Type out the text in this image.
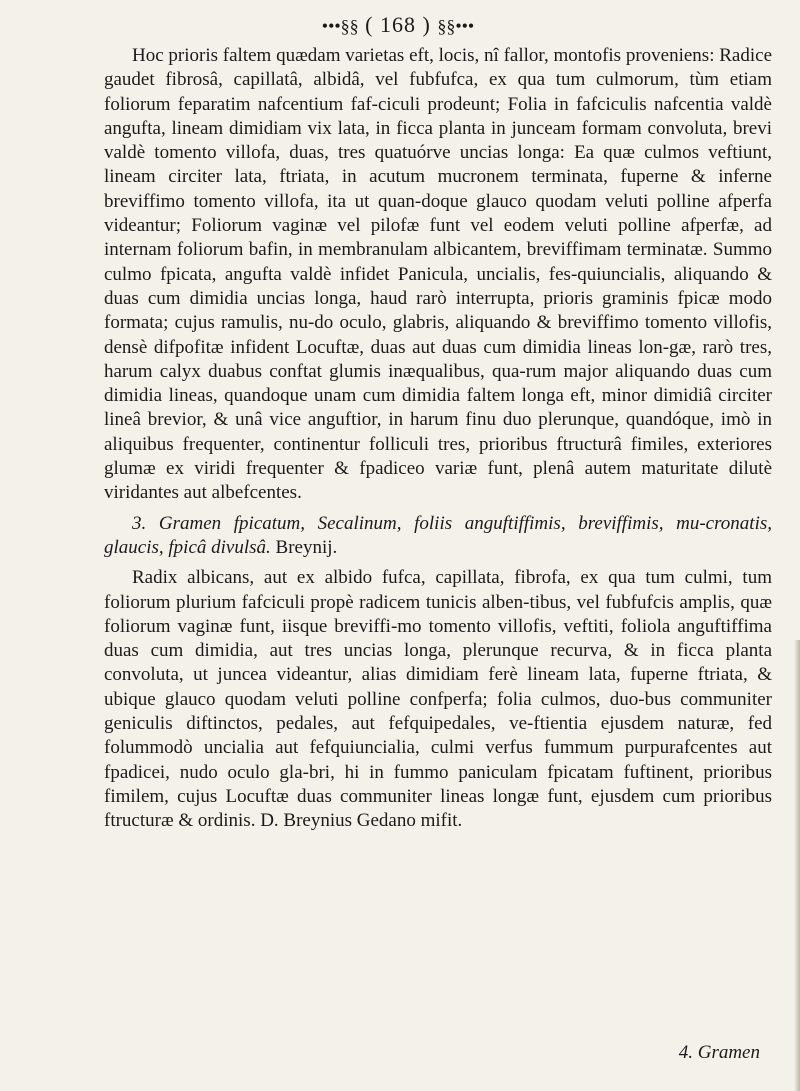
•••§§ ( 168 ) §§•••

Hoc prioris faltem quædam varietas eft, locis, nî fallor, montofis proveniens: Radice gaudet fibrosâ, capillatâ, albidâ, vel fubfufca, ex qua tum culmorum, tùm etiam foliorum feparatim nafcentium faf-ciculi prodeunt; Folia in fafciculis nafcentia valdè angufta, lineam dimidiam vix lata, in ficca planta in junceam formam convoluta, brevi valdè tomento villofa, duas, tres quatuórve uncias longa: Ea quæ culmos veftiunt, lineam circiter lata, ftriata, in acutum mucronem terminata, fuperne & inferne breviffimo tomento villofa, ita ut quan-doque glauco quodam veluti polline afperfa videantur; Foliorum vaginæ vel pilofæ funt vel eodem veluti polline afperfæ, ad internam foliorum bafin, in membranulam albicantem, breviffimam terminatæ. Summo culmo fpicata, angufta valdè infidet Panicula, uncialis, fes-quiuncialis, aliquando & duas cum dimidia uncias longa, haud rarò interrupta, prioris graminis fpicæ modo formata; cujus ramulis, nu-do oculo, glabris, aliquando & breviffimo tomento villofis, densè difpofitæ infident Locuftæ, duas aut duas cum dimidia lineas lon-gæ, rarò tres, harum calyx duabus conftat glumis inæqualibus, qua-rum major aliquando duas cum dimidia lineas, quandoque unam cum dimidia faltem longa eft, minor dimidiâ circiter lineâ brevior, & unâ vice anguftior, in harum finu duo plerunque, quandóque, imò in aliquibus frequenter, continentur folliculi tres, prioribus ftructurâ fimiles, exteriores glumæ ex viridi frequenter & fpadiceo variæ funt, plenâ autem maturitate dilutè viridantes aut albefcentes.

3. Gramen fpicatum, Secalinum, foliis anguftiffimis, breviffimis, mu-cronatis, glaucis, fpicâ divulsâ. Breynij.

Radix albicans, aut ex albido fufca, capillata, fibrofa, ex qua tum culmi, tum foliorum plurium fafciculi propè radicem tunicis alben-tibus, vel fubfufcis amplis, quæ foliorum vaginæ funt, iisque breviffi-mo tomento villofis, veftiti, foliola anguftiffima duas cum dimidia, aut tres uncias longa, plerunque recurva, & in ficca planta convoluta, ut juncea videantur, alias dimidiam ferè lineam lata, fuperne ftriata, & ubique glauco quodam veluti polline confperfa; folia culmos, duo-bus communiter geniculis diftinctos, pedales, aut fefquipedales, ve-ftientia ejusdem naturæ, fed folummodò uncialia aut fefquiuncialia, culmi verfus fummum purpurafcentes aut fpadicei, nudo oculo gla-bri, hi in fummo paniculam fpicatam fuftinent, prioribus fimilem, cujus Locuftæ duas communiter lineas longæ funt, ejusdem cum prioribus ftructuræ & ordinis. D. Breynius Gedano mifit.

4. Gramen
